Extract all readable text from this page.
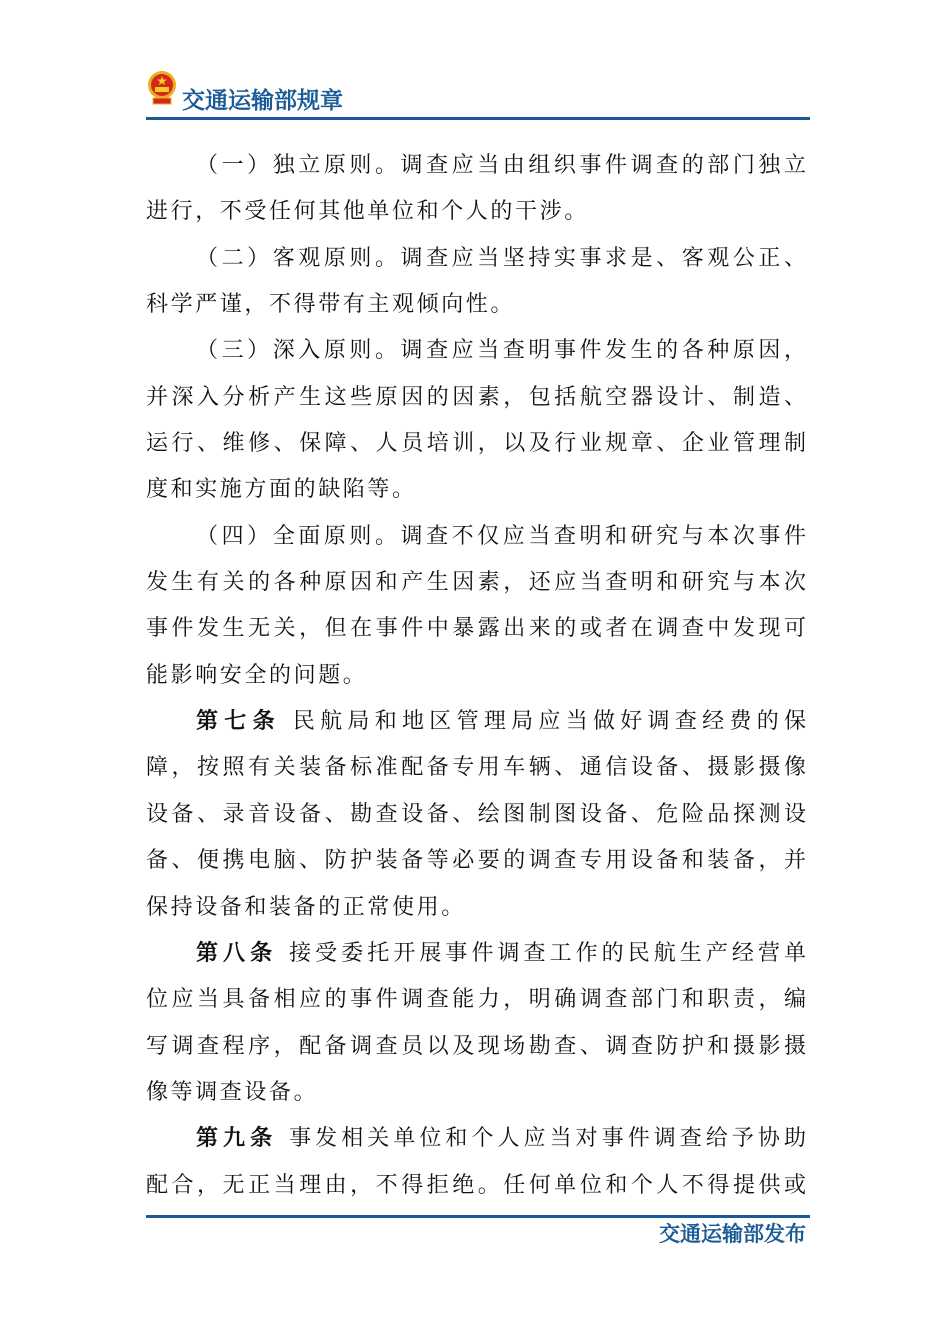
交通运输部规章
（一）独立原则。调查应当由组织事件调查的部门独立
进行，不受任何其他单位和个人的干涉。
（二）客观原则。调查应当坚持实事求是、客观公正、
科学严谨，不得带有主观倾向性。
（三）深入原则。调查应当查明事件发生的各种原因，
并深入分析产生这些原因的因素，包括航空器设计、制造、
运行、维修、保障、人员培训，以及行业规章、企业管理制
度和实施方面的缺陷等。
（四）全面原则。调查不仅应当查明和研究与本次事件
发生有关的各种原因和产生因素，还应当查明和研究与本次
事件发生无关，但在事件中暴露出来的或者在调查中发现可
能影响安全的问题。
第七条 民航局和地区管理局应当做好调查经费的保
障，按照有关装备标准配备专用车辆、通信设备、摄影摄像
设备、录音设备、勘查设备、绘图制图设备、危险品探测设
备、便携电脑、防护装备等必要的调查专用设备和装备，并
保持设备和装备的正常使用。
第八条 接受委托开展事件调查工作的民航生产经营单
位应当具备相应的事件调查能力，明确调查部门和职责，编
写调查程序，配备调查员以及现场勘查、调查防护和摄影摄
像等调查设备。
第九条 事发相关单位和个人应当对事件调查给予协助
配合，无正当理由，不得拒绝。任何单位和个人不得提供或
交通运输部发布
